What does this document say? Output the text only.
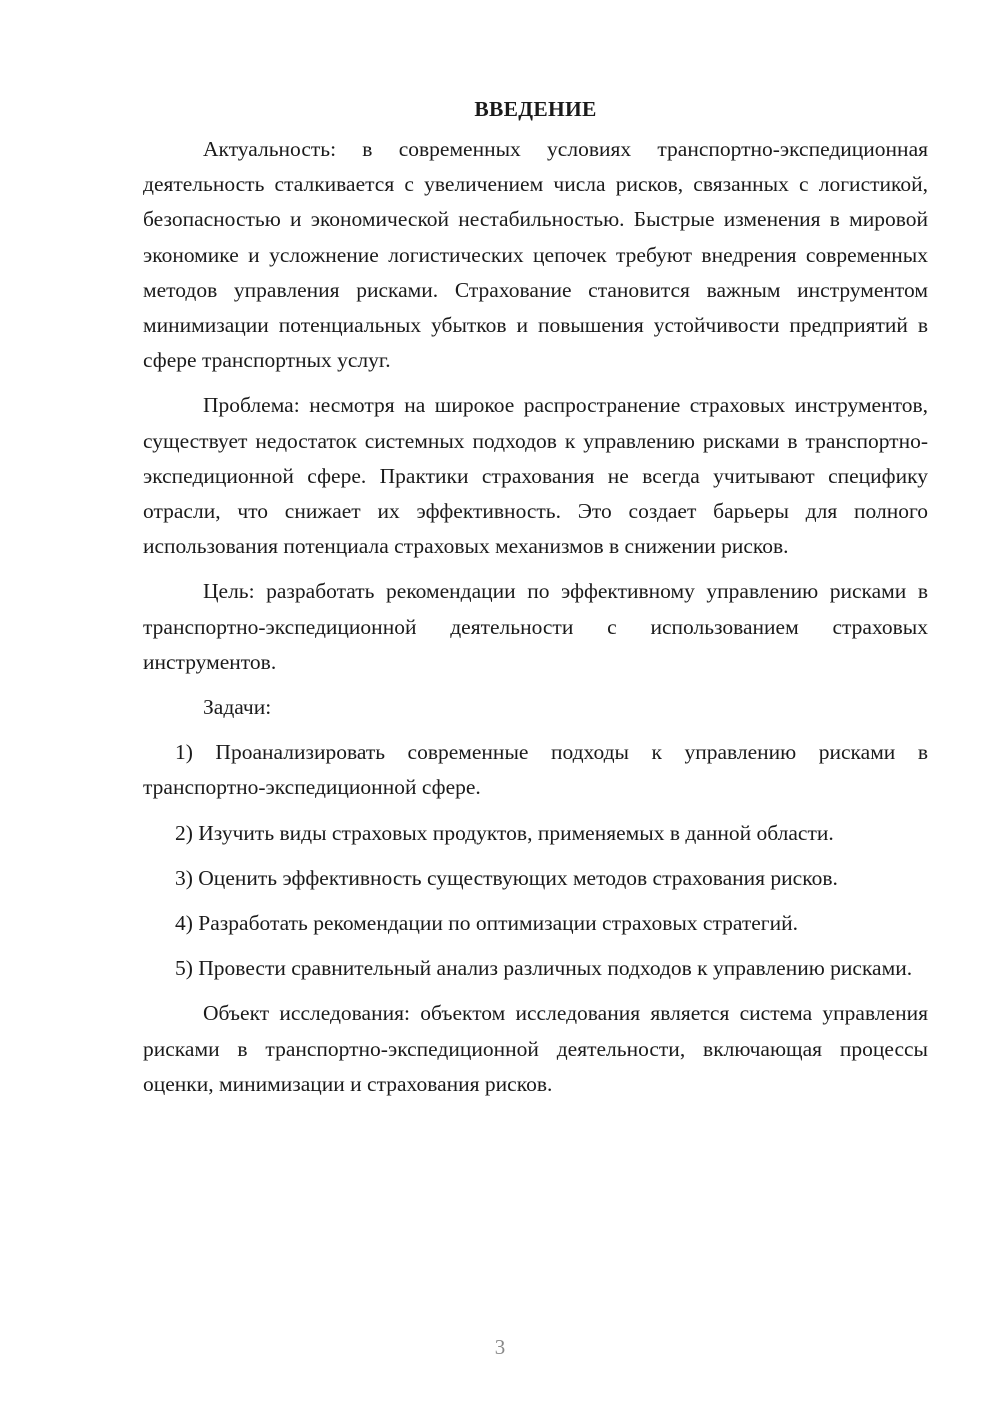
ВВЕДЕНИЕ

Актуальность: в современных условиях транспортно-экспедиционная деятельность сталкивается с увеличением числа рисков, связанных с логистикой, безопасностью и экономической нестабильностью. Быстрые изменения в мировой экономике и усложнение логистических цепочек требуют внедрения современных методов управления рисками. Страхование становится важным инструментом минимизации потенциальных убытков и повышения устойчивости предприятий в сфере транспортных услуг.

Проблема: несмотря на широкое распространение страховых инструментов, существует недостаток системных подходов к управлению рисками в транспортно-экспедиционной сфере. Практики страхования не всегда учитывают специфику отрасли, что снижает их эффективность. Это создает барьеры для полного использования потенциала страховых механизмов в снижении рисков.

Цель: разработать рекомендации по эффективному управлению рисками в транспортно-экспедиционной деятельности с использованием страховых инструментов.

Задачи:

1) Проанализировать современные подходы к управлению рисками в транспортно-экспедиционной сфере.

2) Изучить виды страховых продуктов, применяемых в данной области.

3) Оценить эффективность существующих методов страхования рисков.

4) Разработать рекомендации по оптимизации страховых стратегий.

5) Провести сравнительный анализ различных подходов к управлению рисками.

Объект исследования: объектом исследования является система управления рисками в транспортно-экспедиционной деятельности, включающая процессы оценки, минимизации и страхования рисков.

3
